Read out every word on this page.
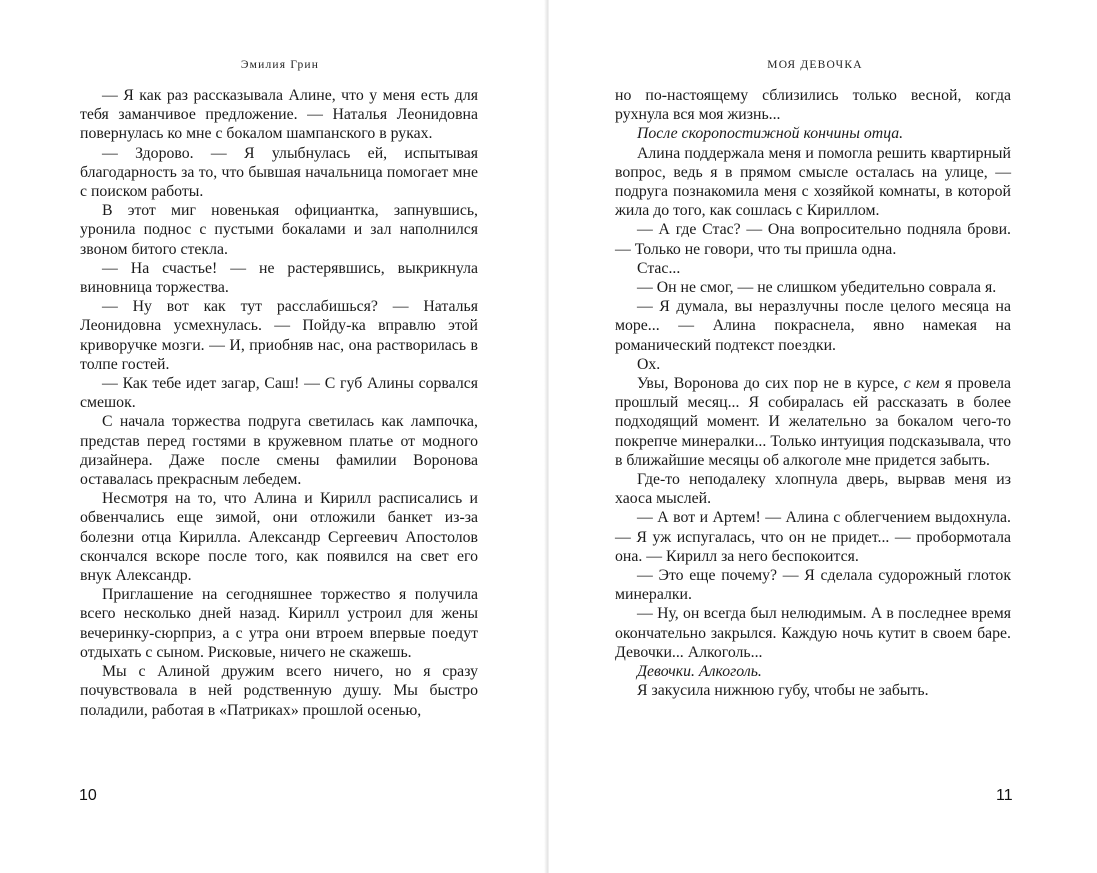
Эмилия Грин

— Я как раз рассказывала Алине, что у меня есть для тебя заманчивое предложение. — Наталья Леонидовна повернулась ко мне с бокалом шампанского в руках.

— Здорово. — Я улыбнулась ей, испытывая благодарность за то, что бывшая начальница помогает мне с поиском работы.

В этот миг новенькая официантка, запнувшись, уронила поднос с пустыми бокалами и зал наполнился звоном битого стекла.

— На счастье! — не растерявшись, выкрикнула виновница торжества.

— Ну вот как тут расслабишься? — Наталья Леонидовна усмехнулась. — Пойду-ка вправлю этой криворучке мозги. — И, приобняв нас, она растворилась в толпе гостей.

— Как тебе идет загар, Саш! — С губ Алины сорвался смешок.

С начала торжества подруга светилась как лампочка, представ перед гостями в кружевном платье от модного дизайнера. Даже после смены фамилии Воронова оставалась прекрасным лебедем.

Несмотря на то, что Алина и Кирилл расписались и обвенчались еще зимой, они отложили банкет из-за болезни отца Кирилла. Александр Сергеевич Апостолов скончался вскоре после того, как появился на свет его внук Александр.

Приглашение на сегодняшнее торжество я получила всего несколько дней назад. Кирилл устроил для жены вечеринку-сюрприз, а с утра они втроем впервые поедут отдыхать с сыном. Рисковые, ничего не скажешь.

Мы с Алиной дружим всего ничего, но я сразу почувствовала в ней родственную душу. Мы быстро поладили, работая в «Патриках» прошлой осенью,

10
МОЯ ДЕВОЧКА

но по-настоящему сблизились только весной, когда рухнула вся моя жизнь...

После скоропостижной кончины отца.

Алина поддержала меня и помогла решить квартирный вопрос, ведь я в прямом смысле осталась на улице, — подруга познакомила меня с хозяйкой комнаты, в которой жила до того, как сошлась с Кириллом.

— А где Стас? — Она вопросительно подняла брови. — Только не говори, что ты пришла одна.

Стас...

— Он не смог, — не слишком убедительно соврала я.

— Я думала, вы неразлучны после целого месяца на море... — Алина покраснела, явно намекая на романический подтекст поездки.

Ох.

Увы, Воронова до сих пор не в курсе, с кем я провела прошлый месяц... Я собиралась ей рассказать в более подходящий момент. И желательно за бокалом чего-то покрепче минералки... Только интуиция подсказывала, что в ближайшие месяцы об алкоголе мне придется забыть.

Где-то неподалеку хлопнула дверь, вырвав меня из хаоса мыслей.

— А вот и Артем! — Алина с облегчением выдохнула. — Я уж испугалась, что он не придет... — пробормотала она. — Кирилл за него беспокоится.

— Это еще почему? — Я сделала судорожный глоток минералки.

— Ну, он всегда был нелюдимым. А в последнее время окончательно закрылся. Каждую ночь кутит в своем баре. Девочки... Алкоголь...

Девочки. Алкоголь.

Я закусила нижнюю губу, чтобы не забыть.

11
